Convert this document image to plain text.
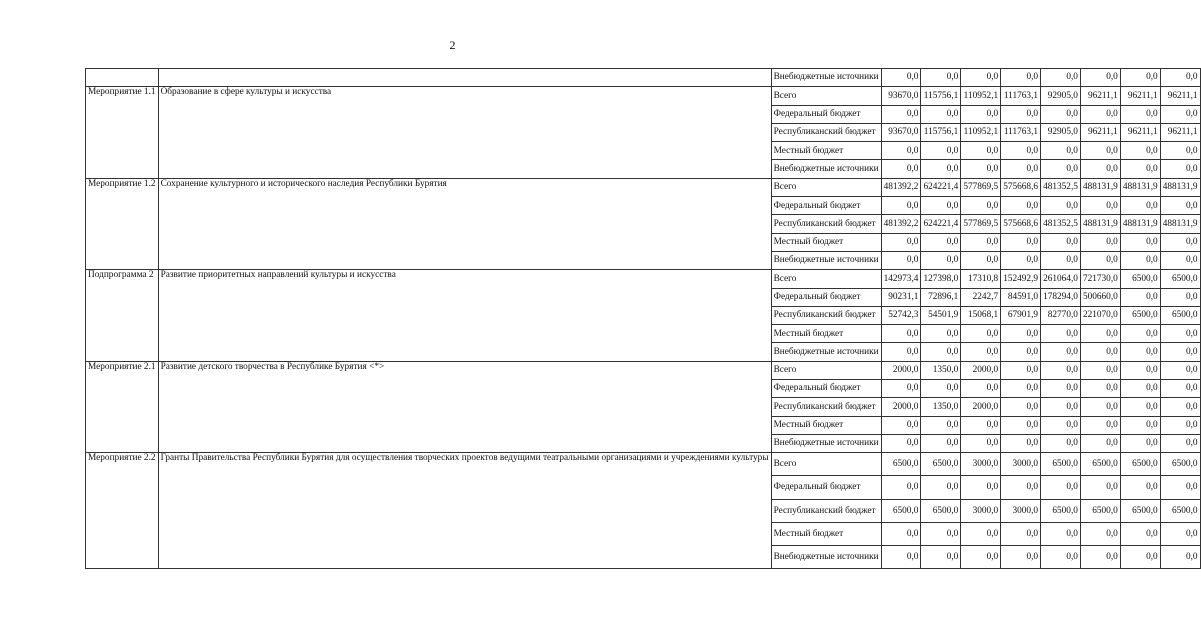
2
		Внебюджетные источники	0,0	0,0	0,0	0,0	0,0	0,0	0,0	0,0
Мероприятие 1.1	Образование в сфере культуры и искусства	Всего	93670,0	115756,1	110952,1	111763,1	92905,0	96211,1	96211,1	96211,1
		Федеральный бюджет	0,0	0,0	0,0	0,0	0,0	0,0	0,0	0,0
		Республиканский бюджет	93670,0	115756,1	110952,1	111763,1	92905,0	96211,1	96211,1	96211,1
		Местный бюджет	0,0	0,0	0,0	0,0	0,0	0,0	0,0	0,0
		Внебюджетные источники	0,0	0,0	0,0	0,0	0,0	0,0	0,0	0,0
Мероприятие 1.2	Сохранение культурного и исторического наследия Республики Бурятия	Всего	481392,2	624221,4	577869,5	575668,6	481352,5	488131,9	488131,9	488131,9
		Федеральный бюджет	0,0	0,0	0,0	0,0	0,0	0,0	0,0	0,0
		Республиканский бюджет	481392,2	624221,4	577869,5	575668,6	481352,5	488131,9	488131,9	488131,9
		Местный бюджет	0,0	0,0	0,0	0,0	0,0	0,0	0,0	0,0
		Внебюджетные источники	0,0	0,0	0,0	0,0	0,0	0,0	0,0	0,0
Подпрограмма 2	Развитие приоритетных направлений культуры и искусства	Всего	142973,4	127398,0	17310,8	152492,9	261064,0	721730,0	6500,0	6500,0
		Федеральный бюджет	90231,1	72896,1	2242,7	84591,0	178294,0	500660,0	0,0	0,0
		Республиканский бюджет	52742,3	54501,9	15068,1	67901,9	82770,0	221070,0	6500,0	6500,0
		Местный бюджет	0,0	0,0	0,0	0,0	0,0	0,0	0,0	0,0
		Внебюджетные источники	0,0	0,0	0,0	0,0	0,0	0,0	0,0	0,0
Мероприятие 2.1	Развитие детского творчества в Республике Бурятия <*>	Всего	2000,0	1350,0	2000,0	0,0	0,0	0,0	0,0	0,0
		Федеральный бюджет	0,0	0,0	0,0	0,0	0,0	0,0	0,0	0,0
		Республиканский бюджет	2000,0	1350,0	2000,0	0,0	0,0	0,0	0,0	0,0
		Местный бюджет	0,0	0,0	0,0	0,0	0,0	0,0	0,0	0,0
		Внебюджетные источники	0,0	0,0	0,0	0,0	0,0	0,0	0,0	0,0
Мероприятие 2.2	Гранты Правительства Республики Бурятия для осуществления творческих проектов ведущими театральными организациями и учреждениями культуры	Всего	6500,0	6500,0	3000,0	3000,0	6500,0	6500,0	6500,0	6500,0
		Федеральный бюджет	0,0	0,0	0,0	0,0	0,0	0,0	0,0	0,0
		Республиканский бюджет	6500,0	6500,0	3000,0	3000,0	6500,0	6500,0	6500,0	6500,0
		Местный бюджет	0,0	0,0	0,0	0,0	0,0	0,0	0,0	0,0
		Внебюджетные источники	0,0	0,0	0,0	0,0	0,0	0,0	0,0	0,0
